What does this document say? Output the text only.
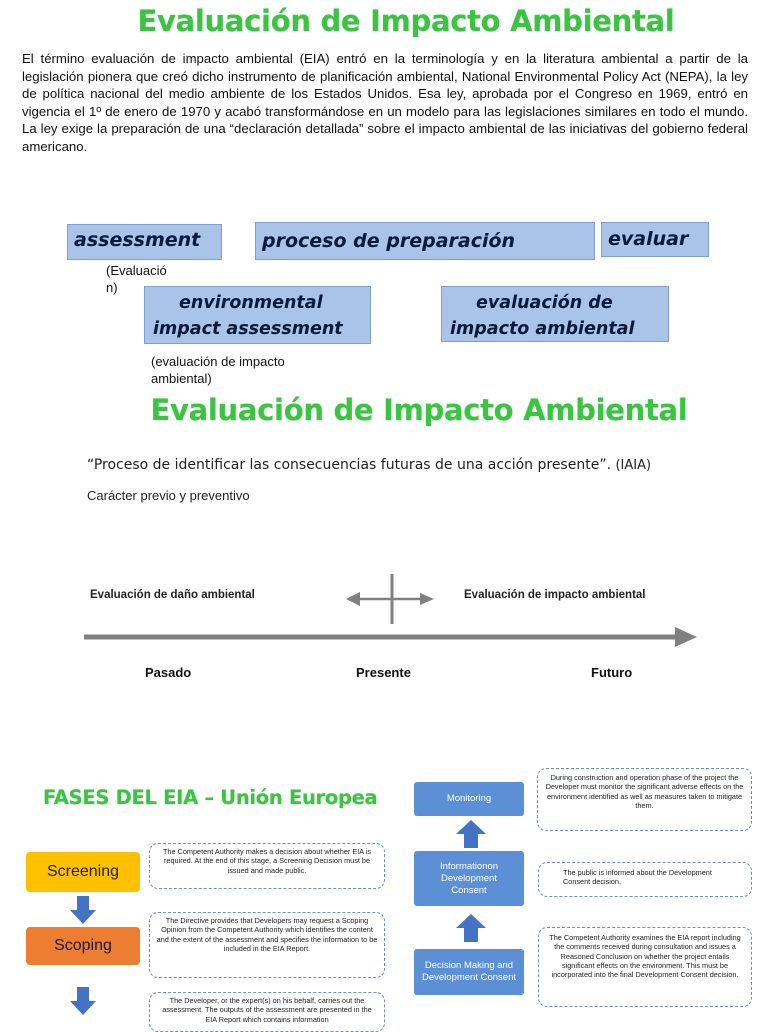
Evaluación de Impacto Ambiental

El término evaluación de impacto ambiental (EIA) entró en la terminología y en la literatura ambiental a partir de la legislación pionera que creó dicho instrumento de planificación ambiental, National Environmental Policy Act (NEPA), la ley de política nacional del medio ambiente de los Estados Unidos. Esa ley, aprobada por el Congreso en 1969, entró en vigencia el 1º de enero de 1970 y acabó transformándose en un modelo para las legislaciones similares en todo el mundo. La ley exige la preparación de una “declaración detallada” sobre el impacto ambiental de las iniciativas del gobierno federal americano.

assessment
(Evaluació
n)
proceso de preparación	evaluar
environmental
impact assessment
(evaluación de impacto
ambiental)
evaluación de
impacto ambiental
Evaluación de Impacto Ambiental
“Proceso de identificar las consecuencias futuras de una acción presente”. (IAIA)
Carácter previo y preventivo
Evaluación de daño ambiental	Evaluación de impacto ambiental
Pasado	Presente	Futuro
FASES DEL EIA – Unión Europea
Screening
The Competent Authority makes a decision about whether EIA is required. At the end of this stage, a Screening Decision must be issued and made public.
Scoping
The Directive provides that Developers may request a Scoping Opinion from the Competent Authority which identifies the content and the extent of the assessment and specifies the information to be included in the EIA Report.
The Developer, or the expert(s) on his behalf, carries out the assessment. The outputs of the assessment are presented in the EIA Report which contains information
Monitoring
During construction and operation phase of the project the Developer must monitor the significant adverse effects on the environment identified as well as measures taken to mitigate them.
Informationon Development Consent
The public is informed about the Development Consent decision.
Decision Making and Development Consent
The Competent Authority examines the EIA report including the comments received during consultation and issues a Reasoned Conclusion on whether the project entails significant effects on the environment. This must be incorporated into the final Development Consent decision.
